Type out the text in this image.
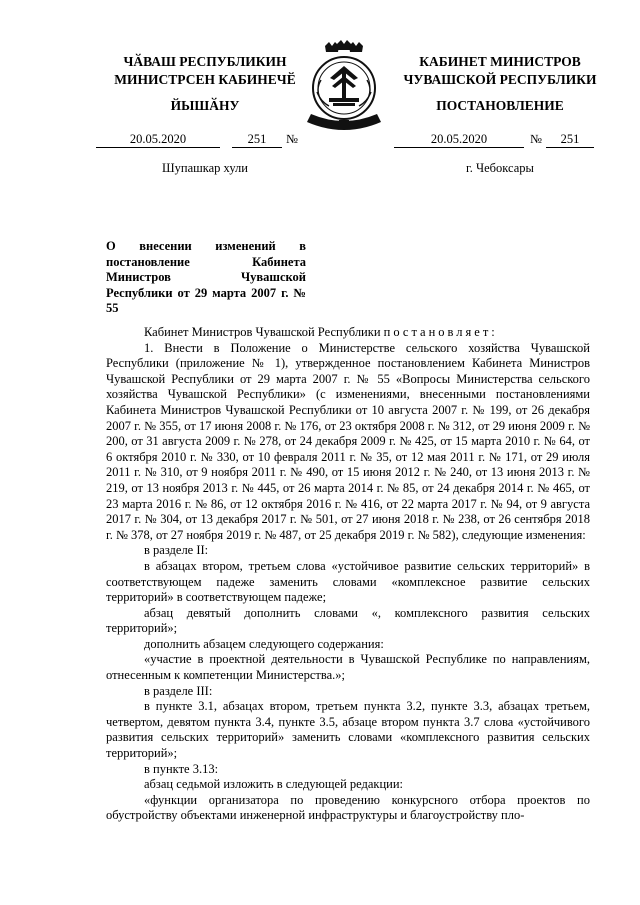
ЧӐВАШ РЕСПУБЛИКИН
МИНИСТРСЕН КАБИНЕЧӖ
ЙЫШӐНУ
20.05.2020	251	№
Шупашкар хули
КАБИНЕТ МИНИСТРОВ
ЧУВАШСКОЙ РЕСПУБЛИКИ
ПОСТАНОВЛЕНИЕ
20.05.2020	№	251
г. Чебоксары
О внесении изменений в постановление Кабинета Министров Чувашской Республики от 29 марта 2007 г. № 55

Кабинет Министров Чувашской Республики постановляет:

1. Внести в Положение о Министерстве сельского хозяйства Чувашской Республики (приложение № 1), утвержденное постановлением Кабинета Министров Чувашской Республики от 29 марта 2007 г. № 55 «Вопросы Министерства сельского хозяйства Чувашской Республики» (с изменениями, внесенными постановлениями Кабинета Министров Чувашской Республики от 10 августа 2007 г. № 199, от 26 декабря 2007 г. № 355, от 17 июня 2008 г. № 176, от 23 октября 2008 г. № 312, от 29 июня 2009 г. № 200, от 31 августа 2009 г. № 278, от 24 декабря 2009 г. № 425, от 15 марта 2010 г. № 64, от 6 октября 2010 г. № 330, от 10 февраля 2011 г. № 35, от 12 мая 2011 г. № 171, от 29 июля 2011 г. № 310, от 9 ноября 2011 г. № 490, от 15 июня 2012 г. № 240, от 13 июня 2013 г. № 219, от 13 ноября 2013 г. № 445, от 26 марта 2014 г. № 85, от 24 декабря 2014 г. № 465, от 23 марта 2016 г. № 86, от 12 октября 2016 г. № 416, от 22 марта 2017 г. № 94, от 9 августа 2017 г. № 304, от 13 декабря 2017 г. № 501, от 27 июня 2018 г. № 238, от 26 сентября 2018 г. № 378, от 27 ноября 2019 г. № 487, от 25 декабря 2019 г. № 582), следующие изменения:

в разделе II:

в абзацах втором, третьем слова «устойчивое развитие сельских территорий» в соответствующем падеже заменить словами «комплексное развитие сельских территорий» в соответствующем падеже;

абзац девятый дополнить словами «, комплексного развития сельских территорий»;

дополнить абзацем следующего содержания:

«участие в проектной деятельности в Чувашской Республике по направлениям, отнесенным к компетенции Министерства.»;

в разделе III:

в пункте 3.1, абзацах втором, третьем пункта 3.2, пункте 3.3, абзацах третьем, четвертом, девятом пункта 3.4, пункте 3.5, абзаце втором пункта 3.7 слова «устойчивого развития сельских территорий» заменить словами «комплексного развития сельских территорий»;

в пункте 3.13:

абзац седьмой изложить в следующей редакции:

«функции организатора по проведению конкурсного отбора проектов по обустройству объектами инженерной инфраструктуры и благоустройству пло-
